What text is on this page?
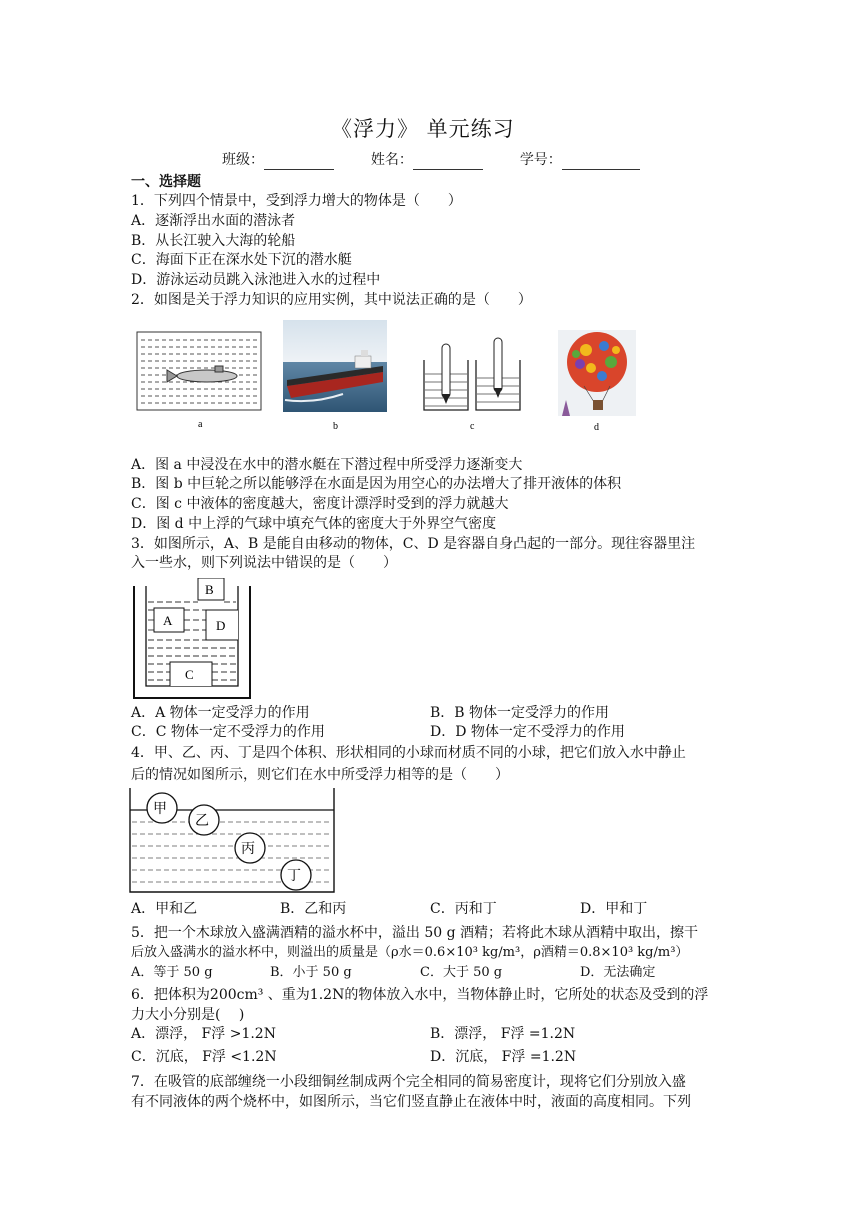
《浮力》 单元练习
班级：	姓名：	学号：
一、选择题
1．下列四个情景中，受到浮力增大的物体是（　　）
A．逐渐浮出水面的潜泳者
B．从长江驶入大海的轮船
C．海面下正在深水处下沉的潜水艇
D．游泳运动员跳入泳池进入水的过程中
2．如图是关于浮力知识的应用实例，其中说法正确的是（　　）
a	b	c	d
A．图 a 中浸没在水中的潜水艇在下潜过程中所受浮力逐渐变大
B．图 b 中巨轮之所以能够浮在水面是因为用空心的办法增大了排开液体的体积
C．图 c 中液体的密度越大，密度计漂浮时受到的浮力就越大
D．图 d 中上浮的气球中填充气体的密度大于外界空气密度
3．如图所示，A、B 是能自由移动的物体，C、D 是容器自身凸起的一部分。现往容器里注
入一些水，则下列说法中错误的是（　　）
B
A	D
C
A．A 物体一定受浮力的作用	B．B 物体一定受浮力的作用
C．C 物体一定不受浮力的作用	D．D 物体一定不受浮力的作用
4．甲、乙、丙、丁是四个体积、形状相同的小球而材质不同的小球，把它们放入水中静止
后的情况如图所示，则它们在水中所受浮力相等的是（　　）
甲
乙
丙
丁
A．甲和乙	B．乙和丙	C．丙和丁	D．甲和丁
5．把一个木球放入盛满酒精的溢水杯中，溢出 50 g 酒精；若将此木球从酒精中取出，擦干
后放入盛满水的溢水杯中，则溢出的质量是（ρ水＝0.6×10³ kg/m³，ρ酒精＝0.8×10³ kg/m³）
A．等于 50 g	B．小于 50 g	C．大于 50 g	D．无法确定
6．把体积为200cm³ 、重为1.2N的物体放入水中，当物体静止时，它所处的状态及受到的浮
力大小分别是(　 )
A．漂浮， F浮 >1.2N	B．漂浮， F浮 =1.2N
C．沉底， F浮 <1.2N	D．沉底， F浮 =1.2N
7．在吸管的底部缠绕一小段细铜丝制成两个完全相同的简易密度计，现将它们分别放入盛
有不同液体的两个烧杯中，如图所示，当它们竖直静止在液体中时，液面的高度相同。下列
